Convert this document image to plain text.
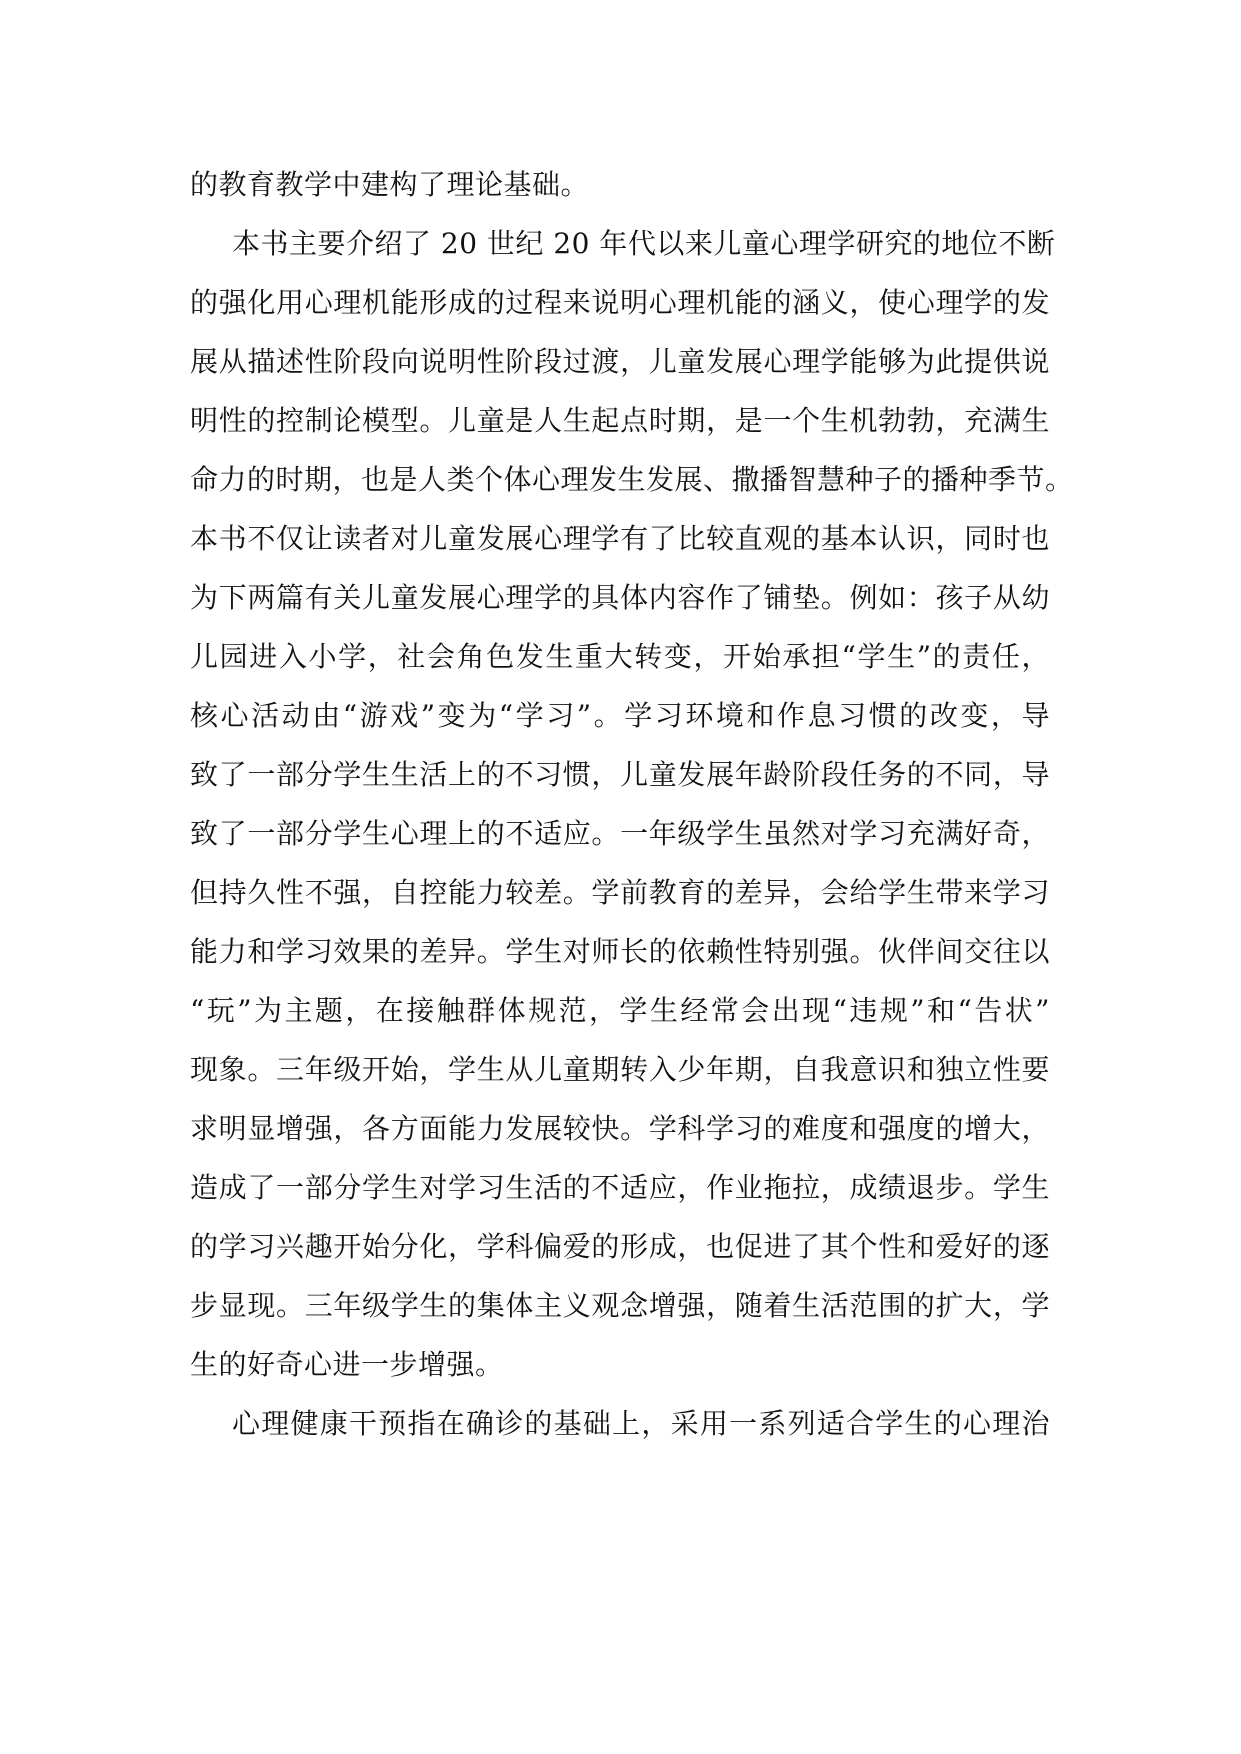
的教育教学中建构了理论基础。
本书主要介绍了 20 世纪 20 年代以来儿童心理学研究的地位不断
的强化用心理机能形成的过程来说明心理机能的涵义，使心理学的发
展从描述性阶段向说明性阶段过渡，儿童发展心理学能够为此提供说
明性的控制论模型。儿童是人生起点时期，是一个生机勃勃，充满生
命力的时期，也是人类个体心理发生发展、撒播智慧种子的播种季节。
本书不仅让读者对儿童发展心理学有了比较直观的基本认识，同时也
为下两篇有关儿童发展心理学的具体内容作了铺垫。例如：孩子从幼
儿园进入小学，社会角色发生重大转变，开始承担“学生”的责任，
核心活动由“游戏”变为“学习”。学习环境和作息习惯的改变，导
致了一部分学生生活上的不习惯，儿童发展年龄阶段任务的不同，导
致了一部分学生心理上的不适应。一年级学生虽然对学习充满好奇，
但持久性不强，自控能力较差。学前教育的差异，会给学生带来学习
能力和学习效果的差异。学生对师长的依赖性特别强。伙伴间交往以
“玩”为主题，在接触群体规范，学生经常会出现“违规”和“告状”
现象。三年级开始，学生从儿童期转入少年期，自我意识和独立性要
求明显增强，各方面能力发展较快。学科学习的难度和强度的增大，
造成了一部分学生对学习生活的不适应，作业拖拉，成绩退步。学生
的学习兴趣开始分化，学科偏爱的形成，也促进了其个性和爱好的逐
步显现。三年级学生的集体主义观念增强，随着生活范围的扩大，学
生的好奇心进一步增强。
心理健康干预指在确诊的基础上，采用一系列适合学生的心理治
